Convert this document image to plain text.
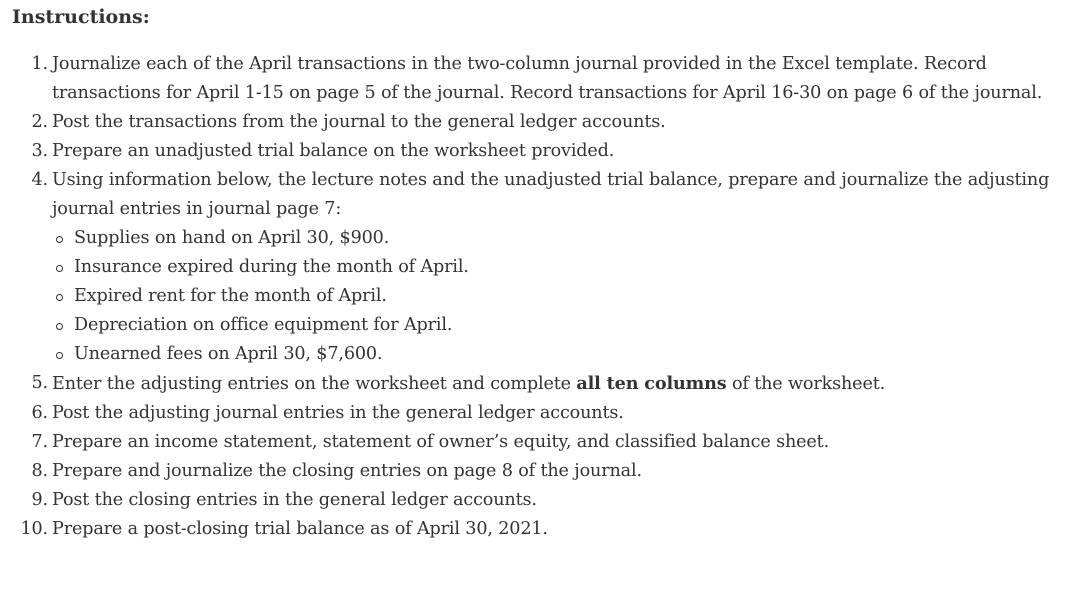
Instructions:
1. Journalize each of the April transactions in the two-column journal provided in the Excel template. Record transactions for April 1-15 on page 5 of the journal. Record transactions for April 16-30 on page 6 of the journal.
2. Post the transactions from the journal to the general ledger accounts.
3. Prepare an unadjusted trial balance on the worksheet provided.
4. Using information below, the lecture notes and the unadjusted trial balance, prepare and journalize the adjusting journal entries in journal page 7:
Supplies on hand on April 30, $900.
Insurance expired during the month of April.
Expired rent for the month of April.
Depreciation on office equipment for April.
Unearned fees on April 30, $7,600.
5. Enter the adjusting entries on the worksheet and complete all ten columns of the worksheet.
6. Post the adjusting journal entries in the general ledger accounts.
7. Prepare an income statement, statement of owner’s equity, and classified balance sheet.
8. Prepare and journalize the closing entries on page 8 of the journal.
9. Post the closing entries in the general ledger accounts.
10. Prepare a post-closing trial balance as of April 30, 2021.
